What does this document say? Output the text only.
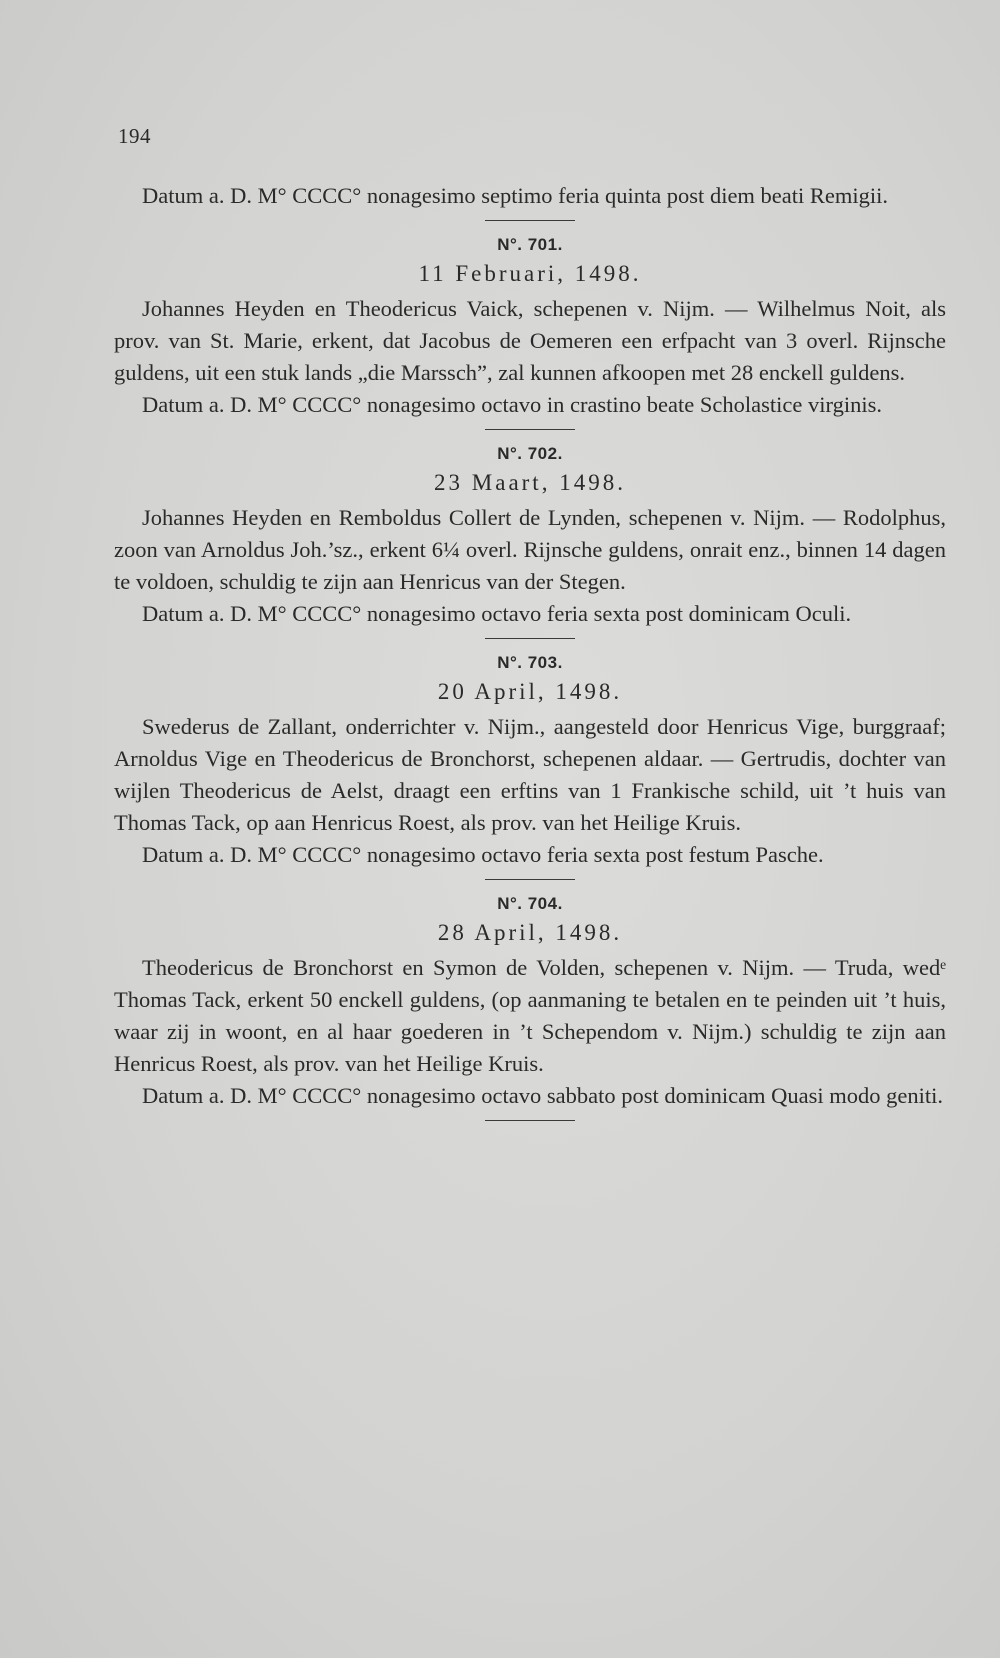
194

Datum a. D. M° CCCC° nonagesimo septimo feria quinta post diem beati Remigii.

N°. 701.
11 Februari, 1498.

Johannes Heyden en Theodericus Vaick, schepenen v. Nijm. — Wilhelmus Noit, als prov. van St. Marie, erkent, dat Jacobus de Oemeren een erfpacht van 3 overl. Rijnsche guldens, uit een stuk lands „die Marssch”, zal kunnen afkoopen met 28 enckell guldens.

Datum a. D. M° CCCC° nonagesimo octavo in crastino beate Scholastice virginis.

N°. 702.
23 Maart, 1498.

Johannes Heyden en Remboldus Collert de Lynden, schepenen v. Nijm. — Rodolphus, zoon van Arnoldus Joh.’sz., erkent 6¼ overl. Rijnsche guldens, onrait enz., binnen 14 dagen te voldoen, schuldig te zijn aan Henricus van der Stegen.

Datum a. D. M° CCCC° nonagesimo octavo feria sexta post dominicam Oculi.

N°. 703.
20 April, 1498.

Swederus de Zallant, onderrichter v. Nijm., aangesteld door Henricus Vige, burggraaf; Arnoldus Vige en Theodericus de Bronchorst, schepenen aldaar. — Gertrudis, dochter van wijlen Theodericus de Aelst, draagt een erftins van 1 Frankische schild, uit ’t huis van Thomas Tack, op aan Henricus Roest, als prov. van het Heilige Kruis.

Datum a. D. M° CCCC° nonagesimo octavo feria sexta post festum Pasche.

N°. 704.
28 April, 1498.

Theodericus de Bronchorst en Symon de Volden, schepenen v. Nijm. — Truda, wedᵉ Thomas Tack, erkent 50 enckell guldens, (op aanmaning te betalen en te peinden uit ’t huis, waar zij in woont, en al haar goederen in ’t Schependom v. Nijm.) schuldig te zijn aan Henricus Roest, als prov. van het Heilige Kruis.

Datum a. D. M° CCCC° nonagesimo octavo sabbato post dominicam Quasi modo geniti.
